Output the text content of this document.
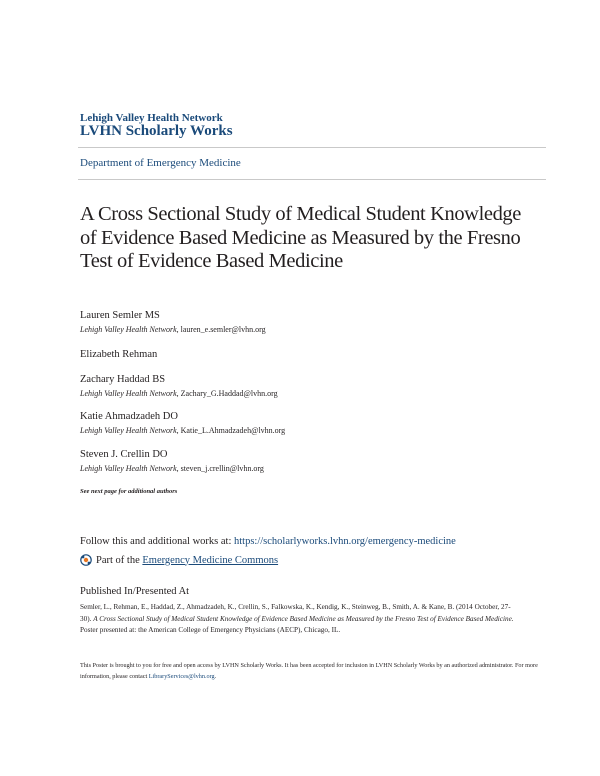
Lehigh Valley Health Network
LVHN Scholarly Works
Department of Emergency Medicine
A Cross Sectional Study of Medical Student Knowledge of Evidence Based Medicine as Measured by the Fresno Test of Evidence Based Medicine
Lauren Semler MS
Lehigh Valley Health Network, lauren_e.semler@lvhn.org
Elizabeth Rehman
Zachary Haddad BS
Lehigh Valley Health Network, Zachary_G.Haddad@lvhn.org
Katie Ahmadzadeh DO
Lehigh Valley Health Network, Katie_L.Ahmadzadeh@lvhn.org
Steven J. Crellin DO
Lehigh Valley Health Network, steven_j.crellin@lvhn.org
See next page for additional authors
Follow this and additional works at: https://scholarlyworks.lvhn.org/emergency-medicine
Part of the
Emergency Medicine Commons
Published In/Presented At
Semler, L., Rehman, E., Haddad, Z., Ahmadzadeh, K., Crellin, S., Falkowska, K., Kendig, K., Steinweg, B., Smith, A. & Kane, B. (2014 October, 27-30). A Cross Sectional Study of Medical Student Knowledge of Evidence Based Medicine as Measured by the Fresno Test of Evidence Based Medicine. Poster presented at: the American College of Emergency Physicians (AECP), Chicago, IL.
This Poster is brought to you for free and open access by LVHN Scholarly Works. It has been accepted for inclusion in LVHN Scholarly Works by an authorized administrator. For more information, please contact LibraryServices@lvhn.org.
